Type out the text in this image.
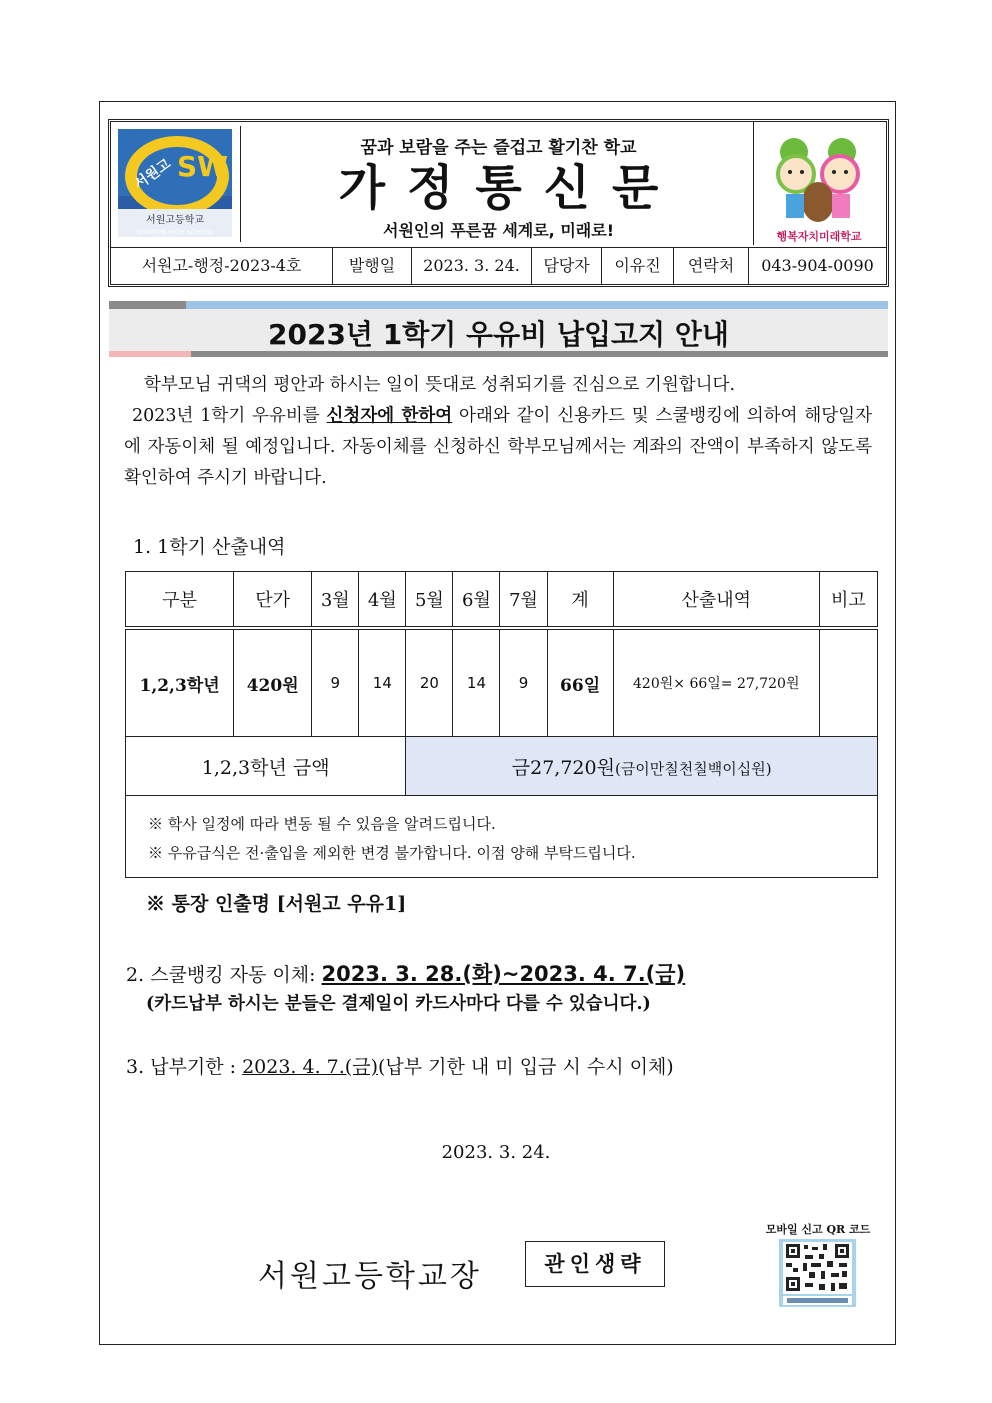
서원고 SW
서원고등학교
SEOWON HIGH SCHOOL
꿈과 보람을 주는 즐겁고 활기찬 학교
가정통신문
서원인의 푸른꿈 세계로, 미래로!	행복자치미래학교
서원고-행정-2023-4호	발행일	2023. 3. 24.	담당자	이유진	연락처	043-904-0090
2023년 1학기 우유비 납입고지 안내

학부모님 귀댁의 평안과 하시는 일이 뜻대로 성취되기를 진심으로 기원합니다.

2023년 1학기 우유비를 신청자에 한하여 아래와 같이 신용카드 및 스쿨뱅킹에 의하여 해당일자에 자동이체 될 예정입니다. 자동이체를 신청하신 학부모님께서는 계좌의 잔액이 부족하지 않도록 확인하여 주시기 바랍니다.

1. 1학기 산출내역
구분	단가	3월	4월	5월	6월	7월	계	산출내역	비고
1,2,3학년	420원	9	14	20	14	9	66일	420원× 66일= 27,720원	
1,2,3학년 금액				금27,720원(금이만칠천칠백이십원)					
※ 학사 일정에 따라 변동 될 수 있음을 알려드립니다.
※ 우유급식은 전·출입을 제외한 변경 불가합니다. 이점 양해 부탁드립니다.
※ 통장 인출명 [서원고 우유1]
2. 스쿨뱅킹 자동 이체: 2023. 3. 28.(화)~2023. 4. 7.(금)
(카드납부 하시는 분들은 결제일이 카드사마다 다를 수 있습니다.)
3. 납부기한 : 2023. 4. 7.(금)(납부 기한 내 미 입금 시 수시 이체)
2023. 3. 24.
서원고등학교장	관인생략
모바일 신고 QR 코드
